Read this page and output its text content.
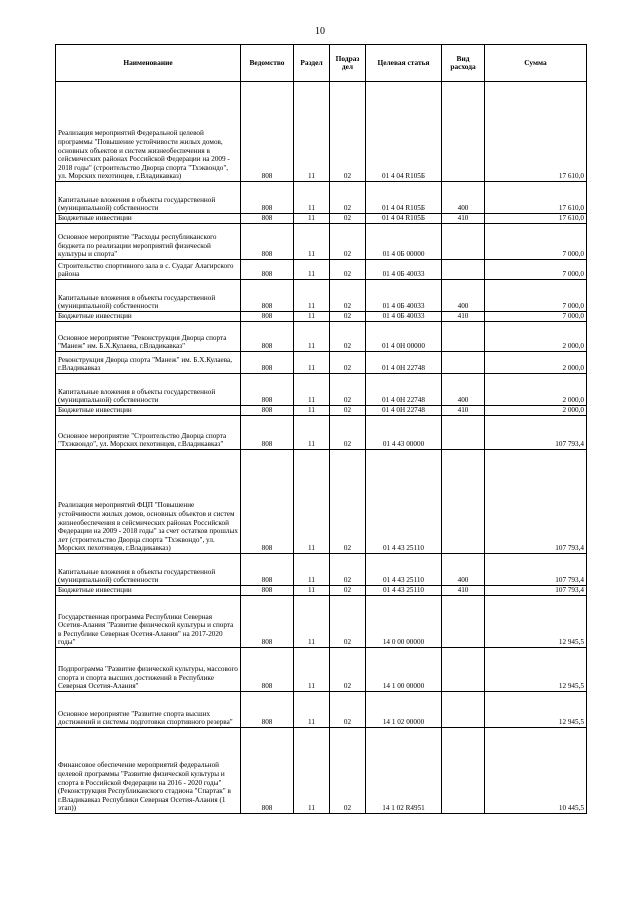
10
Наименование	Ведомство	Раздел	Подраз дел	Целевая статья	Вид расхода	Сумма
Реализация мероприятий Федеральной целевой программы "Повышение устойчивости жилых домов, основных объектов и систем жизнеобеспечения в сейсмических районах Российской Федерации на 2009 - 2018 годы" (строительство Дворца спорта "Тхэквондо", ул. Морских пехотинцев, г.Владикавказ)	808	11	02	01 4 04 R105Б		17 610,0
Капитальные вложения в объекты государственной (муниципальной) собственности	808	11	02	01 4 04 R105Б	400	17 610,0
Бюджетные инвестиции	808	11	02	01 4 04 R105Б	410	17 610,0
Основное мероприятие "Расходы республиканского бюджета по реализации мероприятий физической культуры и спорта"	808	11	02	01 4 0Б 00000		7 000,0
Строительство спортивного зала в с. Суадаг Алагирского района	808	11	02	01 4 0Б 40033		7 000,0
Капитальные вложения в объекты государственной (муниципальной) собственности	808	11	02	01 4 0Б 40033	400	7 000,0
Бюджетные инвестиции	808	11	02	01 4 0Б 40033	410	7 000,0
Основное мероприятие "Реконструкция Дворца спорта "Манеж" им. Б.Х.Кулаева, г.Владикавказ"	808	11	02	01 4 0Н 00000		2 000,0
Реконструкция Дворца спорта "Манеж" им. Б.Х.Кулаева, г.Владикавказ	808	11	02	01 4 0Н 22748		2 000,0
Капитальные вложения в объекты государственной (муниципальной) собственности	808	11	02	01 4 0Н 22748	400	2 000,0
Бюджетные инвестиции	808	11	02	01 4 0Н 22748	410	2 000,0
Основное мероприятие "Строительство Дворца спорта "Тхэквондо", ул. Морских пехотинцев, г.Владикавказ"	808	11	02	01 4 43 00000		107 793,4
Реализация мероприятий ФЦП "Повышение устойчивости жилых домов, основных объектов и систем жизнеобеспечения в сейсмических районах Российской Федерации на 2009 - 2018 годы" за счет остатков прошлых лет (строительство Дворца спорта "Тхэквондо", ул. Морских пехотинцев, г.Владикавказ)	808	11	02	01 4 43 25110		107 793,4
Капитальные вложения в объекты государственной (муниципальной) собственности	808	11	02	01 4 43 25110	400	107 793,4
Бюджетные инвестиции	808	11	02	01 4 43 25110	410	107 793,4
Государственная программа Республики Северная Осетия-Алания "Развитие физической культуры и спорта в Республике Северная Осетия-Алания" на 2017-2020 годы"	808	11	02	14 0 00 00000		12 945,5
Подпрограмма "Развитие физической культуры, массового спорта и спорта высших достижений в Республике Северная Осетия-Алания"	808	11	02	14 1 00 00000		12 945,5
Основное мероприятие "Развитие спорта высших достижений и системы подготовки спортивного резерва"	808	11	02	14 1 02 00000		12 945,5
Финансовое обеспечение мероприятий федеральной целевой программы "Развитие физической культуры и спорта в Российской Федерации на 2016 - 2020 годы" (Реконструкция Республиканского стадиона "Спартак" в г.Владикавказ Республики Северная Осетия-Алания (1 этап))	808	11	02	14 1 02 R4951		10 445,5
